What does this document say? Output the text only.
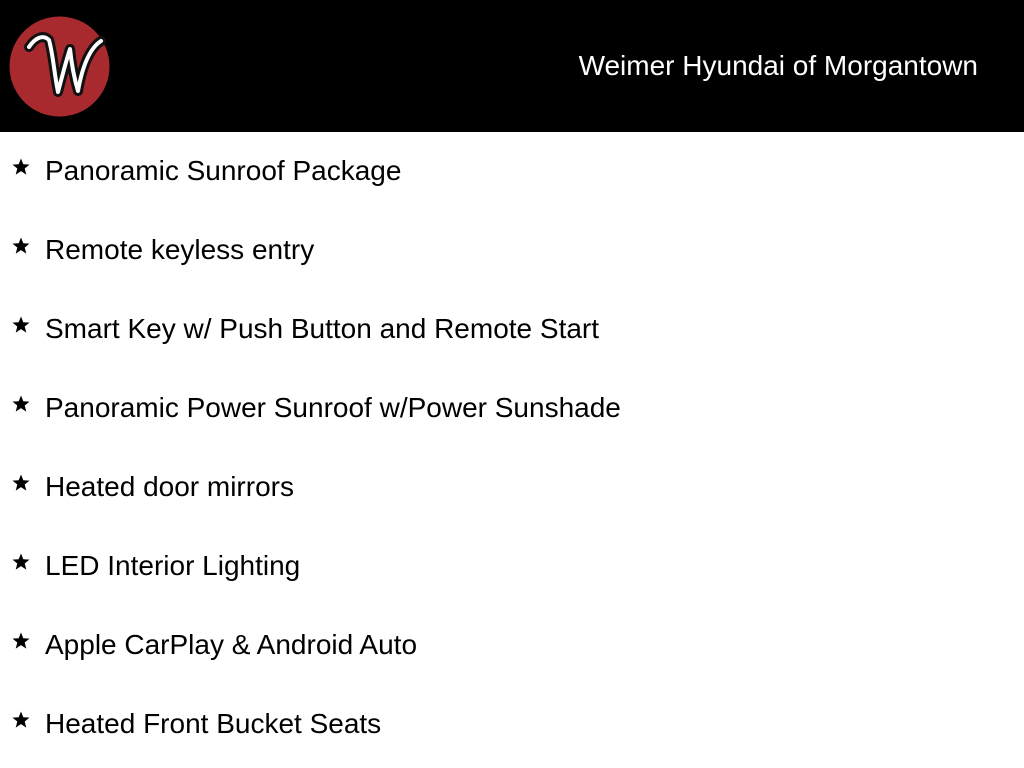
Weimer Hyundai of Morgantown
Panoramic Sunroof Package
Remote keyless entry
Smart Key w/ Push Button and Remote Start
Panoramic Power Sunroof w/Power Sunshade
Heated door mirrors
LED Interior Lighting
Apple CarPlay & Android Auto
Heated Front Bucket Seats
